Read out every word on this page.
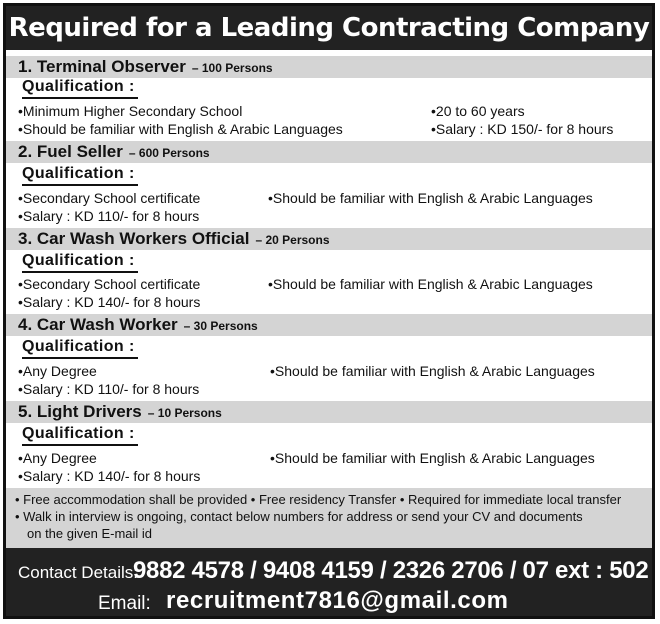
Required for a Leading Contracting Company
1. Terminal Observer – 100 Persons
Qualification :
• Minimum Higher Secondary School	• 20 to 60 years
• Should be familiar with English & Arabic Languages	• Salary : KD 150/- for 8 hours
2. Fuel Seller – 600 Persons
Qualification :
• Secondary School certificate	• Should be familiar with English & Arabic Languages
• Salary : KD 110/- for 8 hours
3. Car Wash Workers Official – 20 Persons
Qualification :
• Secondary School certificate	• Should be familiar with English & Arabic Languages
• Salary : KD 140/- for 8 hours
4. Car Wash Worker – 30 Persons
Qualification :
• Any Degree	• Should be familiar with English & Arabic Languages
• Salary : KD 110/- for 8 hours
5. Light Drivers – 10 Persons
Qualification :
• Any Degree	• Should be familiar with English & Arabic Languages
• Salary : KD 140/- for 8 hours
• Free accommodation shall be provided • Free residency Transfer • Required for immediate local transfer
• Walk in interview is ongoing, contact below numbers for address or send your CV and documents
on the given E-mail id
Contact Details:
9882 4578 / 9408 4159 / 2326 2706 / 07 ext : 502
Email: recruitment7816@gmail.com
